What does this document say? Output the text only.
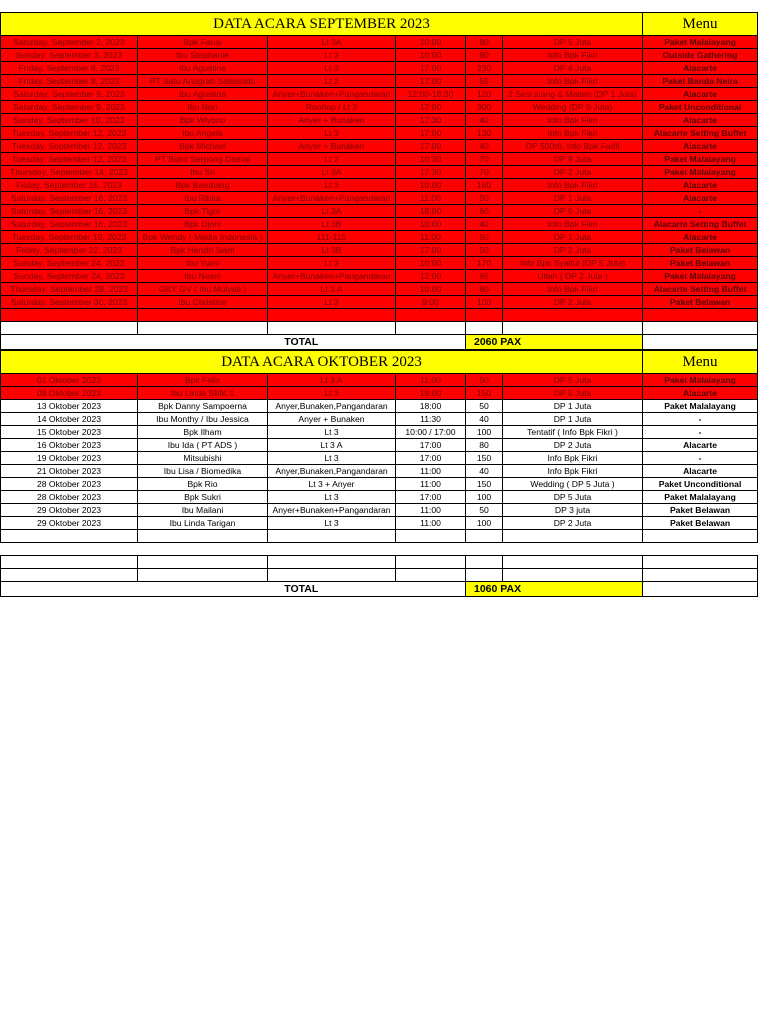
DATA ACARA SEPTEMBER 2023						Menu
Saturday, September 2, 2023	Bpk Fausi	Lt 3A	10:00	80	DP 5 Juta	Paket Malalayang
Sunday, September 3, 2023	Ibu Stephanie	Lt 3	10:00	80	Info Bpk Fikri	Outside Gathering
Friday, September 8, 2023	Ibu Agustina	Lt 3	17:00	230	DP 4 Juta	Alacarte
Friday, September 8, 2023	PT Satu Anugrah Solusindo	Lt 2	17:00	55	Info Bpk Fikri	Paket Banda Neira
Saturday, September 9, 2023	Ibu Agustina	Anyer+Bunaken+Pangandaran	12:00-18:30	120	2 Sesi siang & Malam (DP 1 Juta)	Alacarte
Saturday, September 9, 2023	Ibu Nuri	Rooftop / Lt 3	17:00	300	Wedding (DP 5 Juta)	Paket Unconditional
Sunday, September 10, 2023	Bpk Wiyono	Anyer + Bunaken	17:30	40	Info Bpk Fikri	Alacarte
Tuesday, September 12, 2023	Ibu Angela	Lt 3	17:00	130	Info Bpk Fikri	Alacarte Setting Buffet
Tuesday, September 12, 2023	Bpk Michael	Anyer + Bunaken	17:00	40	DP 500rb, Info Bpk Fadli	Alacarte
Tuesday, September 12, 2023	PT Bumi Serpong Damai	Lt 2	10:30	70	DP 9 Juta	Paket Malalayang
Thursday, September 14, 2023	Ibu Sri	Lt 3A	17:30	70	DP 2 Juta	Paket Malalayang
Friday, September 15, 2023	Bpk Bambang	Lt 3	10:00	160	Info Bpk Fikri	Alacarte
Saturday, September 16, 2023	Ibu Ribka	Anyer+Bunaken+Pangandaran	11:00	50	DP 1 Juta	Alacarte
Saturday, September 16, 2023	Bpk Tigor	Lt 3A	18:00	60	DP 5 Juta	-
Saturday, September 16, 2023	Bpk Djoni	Lt 3B	10:00	40	Info Bpk Fikri	Alacarte Setting Buffet
Tuesday, September 19, 2023	Bpk Wendy ( Media Indonesia )	111-115	11:00	50	DP 1 Juta	Alacarte
Friday, September 22, 2023	Bpk Hendri Siaril	Lt 3B	17:00	50	DP 2 Juta	Paket Belawan
Sunday, September 24, 2023	Ibu Yumi	Lt 3	10:00	170	Info Bpk Syaiful (DP 5 Juta)	Paket Belawan
Sunday, September 24, 2023	Ibu Nesni	Anyer+Bunaken+Pangandaran	12:00	65	Ultah ( DP 2 Juta )	Paket Malalayang
Thursday, September 28, 2023	GKY GV ( Ibu Mulyati )	Lt 3 A	10:00	80	Info Bpk Fikri	Alacarte Setting Buffet
Saturday, September 30, 2023	Ibu Christine	Lt 3	9:00	100	DP 2 Juta	Paket Belawan

	TOTAL			2060 PAX		
DATA ACARA OKTOBER 2023						Menu
01 Oktober 2023	Bpk Felix	Lt 3 A	11:00	50	DP 5 Juta	Paket Malalayang
08 Oktober 2023	Ibu Linda SMK 1	Lt 3	18:00	150	DP 5 Juta	Alacarte
13 Oktober 2023	Bpk Danny Sampoerna	Anyer,Bunaken,Pangandaran	18:00	50	DP 1 Juta	Paket Malalayang
14 Oktober 2023	Ibu Monthy / Ibu Jessica	Anyer + Bunaken	11:30	40	DP 1 Juta	-
15 Oktober 2023	Bpk Ilham	Lt 3	10:00 / 17:00	100	Tentatif ( Info Bpk Fikri )	-
16 Oktober 2023	Ibu Ida ( PT ADS )	Lt 3 A	17:00	80	DP 2 Juta	Alacarte
19 Oktober 2023	Mitsubishi	Lt 3	17:00	150	Info Bpk Fikri	-
21 Oktober 2023	Ibu Lisa / Biomedika	Anyer,Bunaken,Pangandaran	11:00	40	Info Bpk Fikri	Alacarte
28 Oktober 2023	Bpk Rio	Lt 3 + Anyer	11:00	150	Wedding ( DP 5 Juta )	Paket Unconditional
28 Oktober 2023	Bpk Sukri	Lt 3	17:00	100	DP 5 Juta	Paket Malalayang
29 Oktober 2023	Ibu Mailani	Anyer+Bunaken+Pangandaran	11:00	50	DP 3 juta	Paket Belawan
29 Oktober 2023	Ibu Linda Tarigan	Lt 3	11:00	100	DP 2 Juta	Paket Belawan

	TOTAL			1060 PAX		
